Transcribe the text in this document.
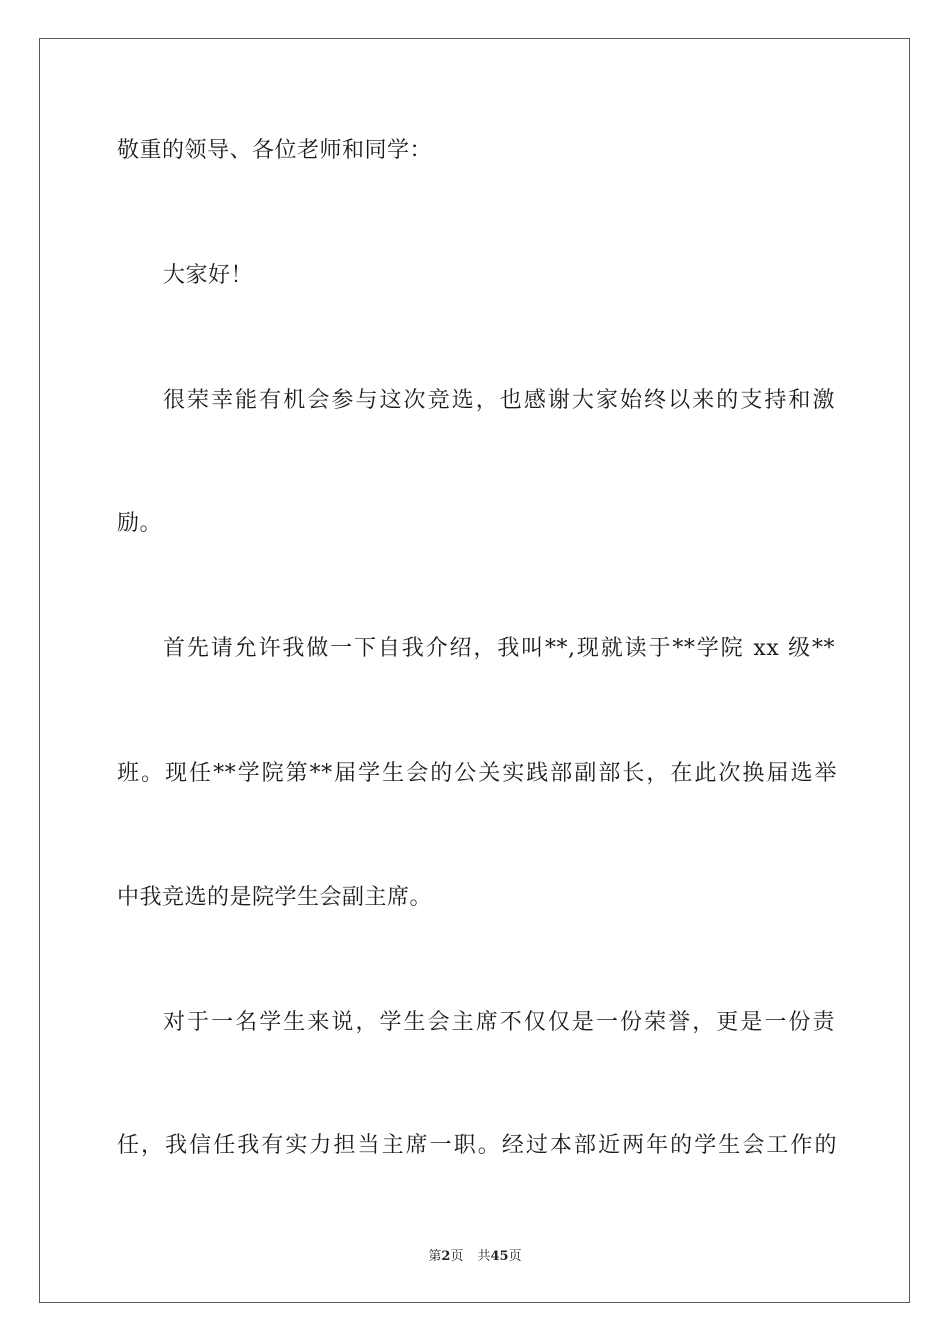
敬重的领导、各位老师和同学：
大家好！
很荣幸能有机会参与这次竞选，也感谢大家始终以来的支持和激
励。
首先请允许我做一下自我介绍，我叫**,现就读于**学院 xx 级**
班。现任**学院第**届学生会的公关实践部副部长，在此次换届选举
中我竞选的是院学生会副主席。
对于一名学生来说，学生会主席不仅仅是一份荣誉，更是一份责
任，我信任我有实力担当主席一职。经过本部近两年的学生会工作的
第2页 共45页
